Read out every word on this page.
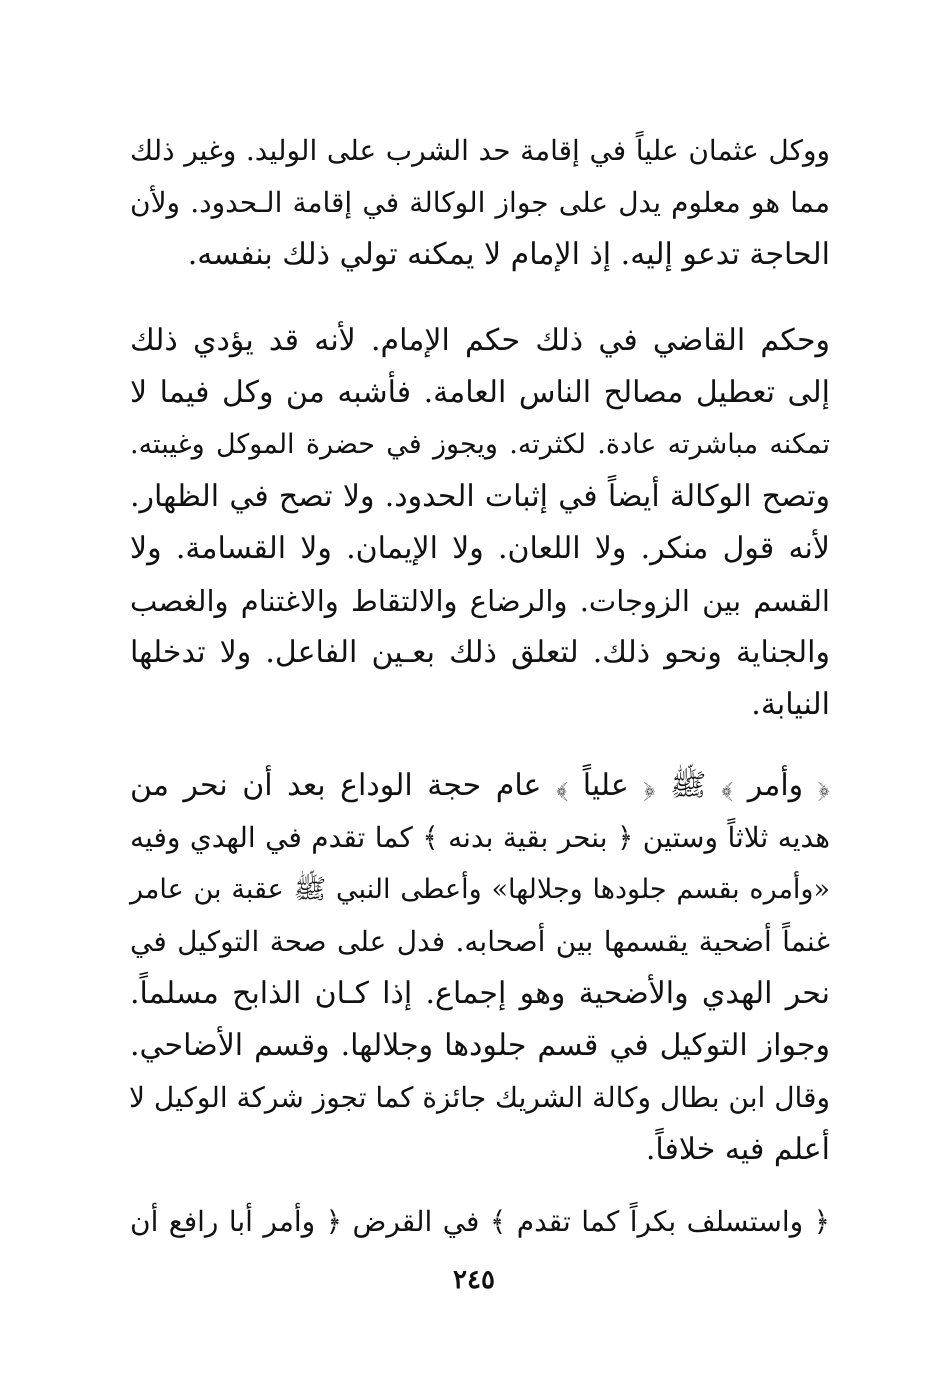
ووكل عثمان علياً في إقامة حد الشرب على الوليد. وغير ذلك
مما هو معلوم يدل على جواز الوكالة في إقامة الـحدود. ولأن
الحاجة تدعو إليه. إذ الإمام لا يمكنه تولي ذلك بنفسه.
وحكم القاضي في ذلك حكم الإمام. لأنه قد يؤدي ذلك
إلى تعطيل مصالح الناس العامة. فأشبه من وكل فيما لا
تمكنه مباشرته عادة. لكثرته. ويجوز في حضرة الموكل وغيبته.
وتصح الوكالة أيضاً في إثبات الحدود. ولا تصح في الظهار.
لأنه قول منكر. ولا اللعان. ولا الإيمان. ولا القسامة. ولا
القسم بين الزوجات. والرضاع والالتقاط والاغتنام والغصب
والجناية ونحو ذلك. لتعلق ذلك بعـين الفاعل. ولا تدخلها
النيابة.
﴿ وأمر ﴾ ﷺ ﴿ علياً ﴾ عام حجة الوداع بعد أن نحر من
هديه ثلاثاً وستين ﴿ بنحر بقية بدنه ﴾ كما تقدم في الهدي وفيه
«وأمره بقسم جلودها وجلالها» وأعطى النبي ﷺ عقبة بن عامر
غنماً أضحية يقسمها بين أصحابه. فدل على صحة التوكيل في
نحر الهدي والأضحية وهو إجماع. إذا كـان الذابح مسلماً.
وجواز التوكيل في قسم جلودها وجلالها. وقسم الأضاحي.
وقال ابن بطال وكالة الشريك جائزة كما تجوز شركة الوكيل لا
أعلم فيه خلافاً.
﴿ واستسلف بكراً كما تقدم ﴾ في القرض ﴿ وأمر أبا رافع أن
٢٤٥
